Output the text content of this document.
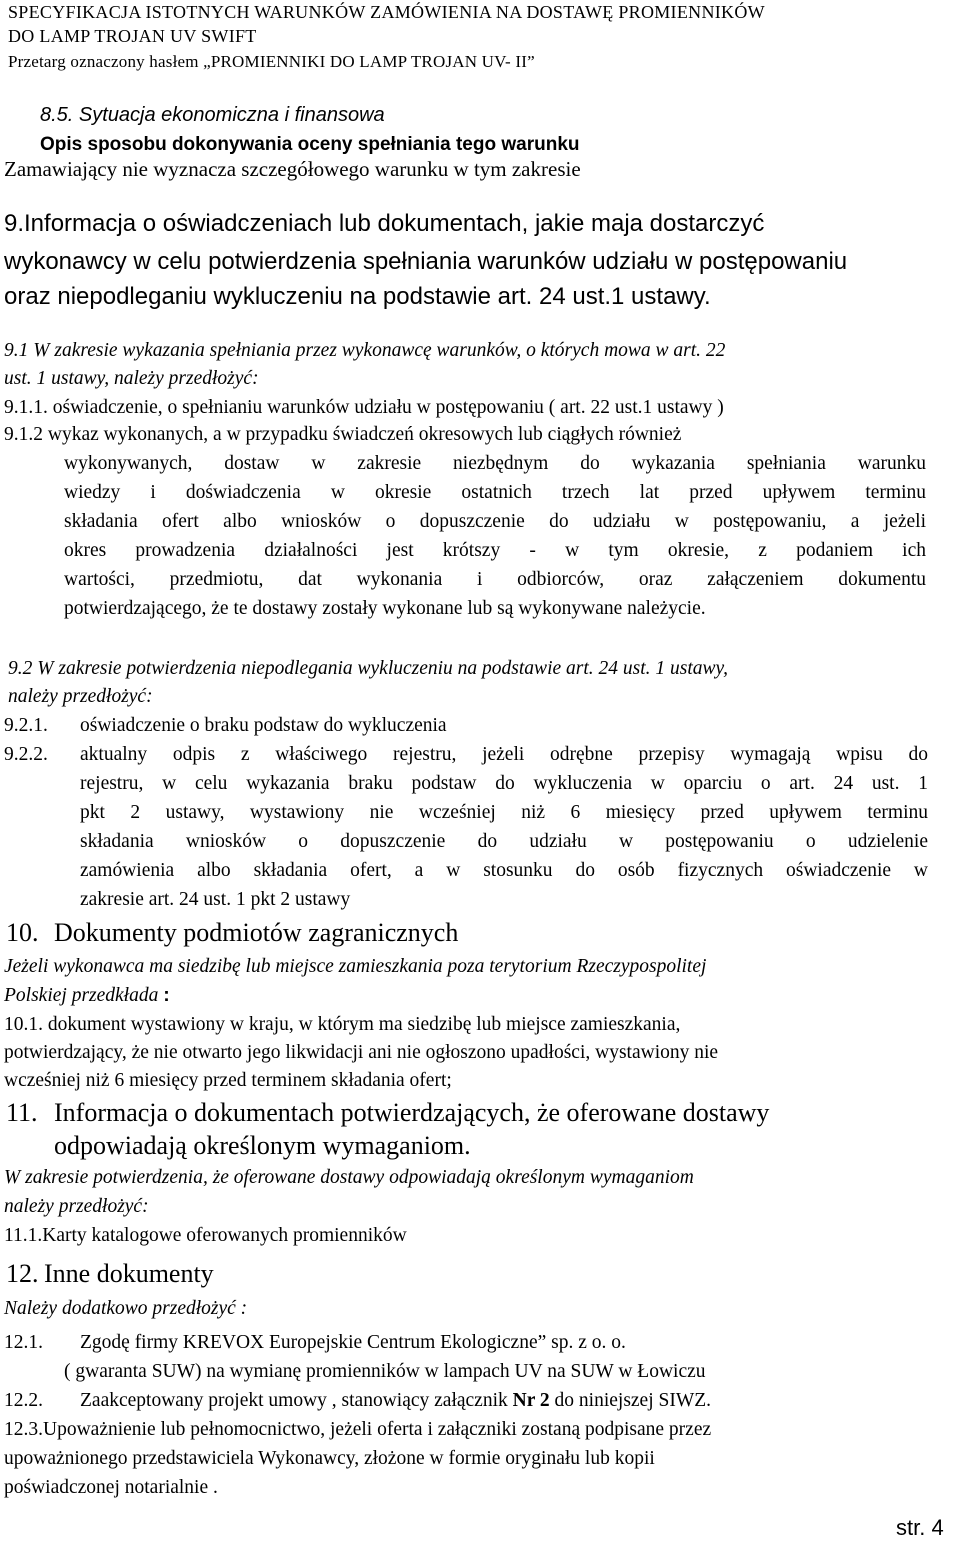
SPECYFIKACJA ISTOTNYCH WARUNKÓW ZAMÓWIENIA NA DOSTAWĘ PROMIENNIKÓW
DO LAMP TROJAN UV SWIFT
Przetarg oznaczony hasłem „PROMIENNIKI DO LAMP TROJAN UV- II”
8.5. Sytuacja ekonomiczna i finansowa
Opis sposobu dokonywania oceny spełniania tego warunku
Zamawiający nie wyznacza szczegółowego warunku w tym zakresie
9.Informacja o oświadczeniach lub dokumentach, jakie maja dostarczyć
wykonawcy w celu potwierdzenia spełniania warunków udziału w postępowaniu
oraz niepodleganiu wykluczeniu na podstawie art. 24 ust.1 ustawy.
9.1 W zakresie wykazania spełniania przez wykonawcę warunków, o których mowa w art. 22
ust. 1 ustawy, należy przedłożyć:
9.1.1. oświadczenie, o spełnianiu warunków udziału w postępowaniu ( art. 22 ust.1 ustawy )
9.1.2 wykaz wykonanych, a w przypadku świadczeń okresowych lub ciągłych również
wykonywanych, dostaw w zakresie niezbędnym do wykazania spełniania warunku
wiedzy i doświadczenia w okresie ostatnich trzech lat przed upływem terminu
składania ofert albo wniosków o dopuszczenie do udziału w postępowaniu, a jeżeli
okres prowadzenia działalności jest krótszy - w tym okresie, z podaniem ich
wartości, przedmiotu, dat wykonania i odbiorców, oraz załączeniem dokumentu
potwierdzającego, że te dostawy zostały wykonane lub są wykonywane należycie.
9.2 W zakresie potwierdzenia niepodlegania wykluczeniu na podstawie art. 24 ust. 1 ustawy,
należy przedłożyć:
9.2.1. oświadczenie o braku podstaw do wykluczenia
9.2.2. aktualny odpis z właściwego rejestru, jeżeli odrębne przepisy wymagają wpisu do
rejestru, w celu wykazania braku podstaw do wykluczenia w oparciu o art. 24 ust. 1
pkt 2 ustawy, wystawiony nie wcześniej niż 6 miesięcy przed upływem terminu
składania wniosków o dopuszczenie do udziału w postępowaniu o udzielenie
zamówienia albo składania ofert, a w stosunku do osób fizycznych oświadczenie w
zakresie art. 24 ust. 1 pkt 2 ustawy
10. Dokumenty podmiotów zagranicznych
Jeżeli wykonawca ma siedzibę lub miejsce zamieszkania poza terytorium Rzeczypospolitej
Polskiej przedkłada :
10.1. dokument wystawiony w kraju, w którym ma siedzibę lub miejsce zamieszkania,
potwierdzający, że nie otwarto jego likwidacji ani nie ogłoszono upadłości, wystawiony nie
wcześniej niż 6 miesięcy przed terminem składania ofert;
11. Informacja o dokumentach potwierdzających, że oferowane dostawy
odpowiadają określonym wymaganiom.
W zakresie potwierdzenia, że oferowane dostawy odpowiadają określonym wymaganiom
należy przedłożyć:
11.1.Karty katalogowe oferowanych promienników
12. Inne dokumenty
Należy dodatkowo przedłożyć :
12.1. Zgodę firmy KREVOX Europejskie Centrum Ekologiczne” sp. z o. o.
( gwaranta SUW) na wymianę promienników w lampach UV na SUW w Łowiczu
12.2. Zaakceptowany projekt umowy , stanowiący załącznik Nr 2 do niniejszej SIWZ.
12.3.Upoważnienie lub pełnomocnictwo, jeżeli oferta i załączniki zostaną podpisane przez
upoważnionego przedstawiciela Wykonawcy, złożone w formie oryginału lub kopii
poświadczonej notarialnie .
str. 4
